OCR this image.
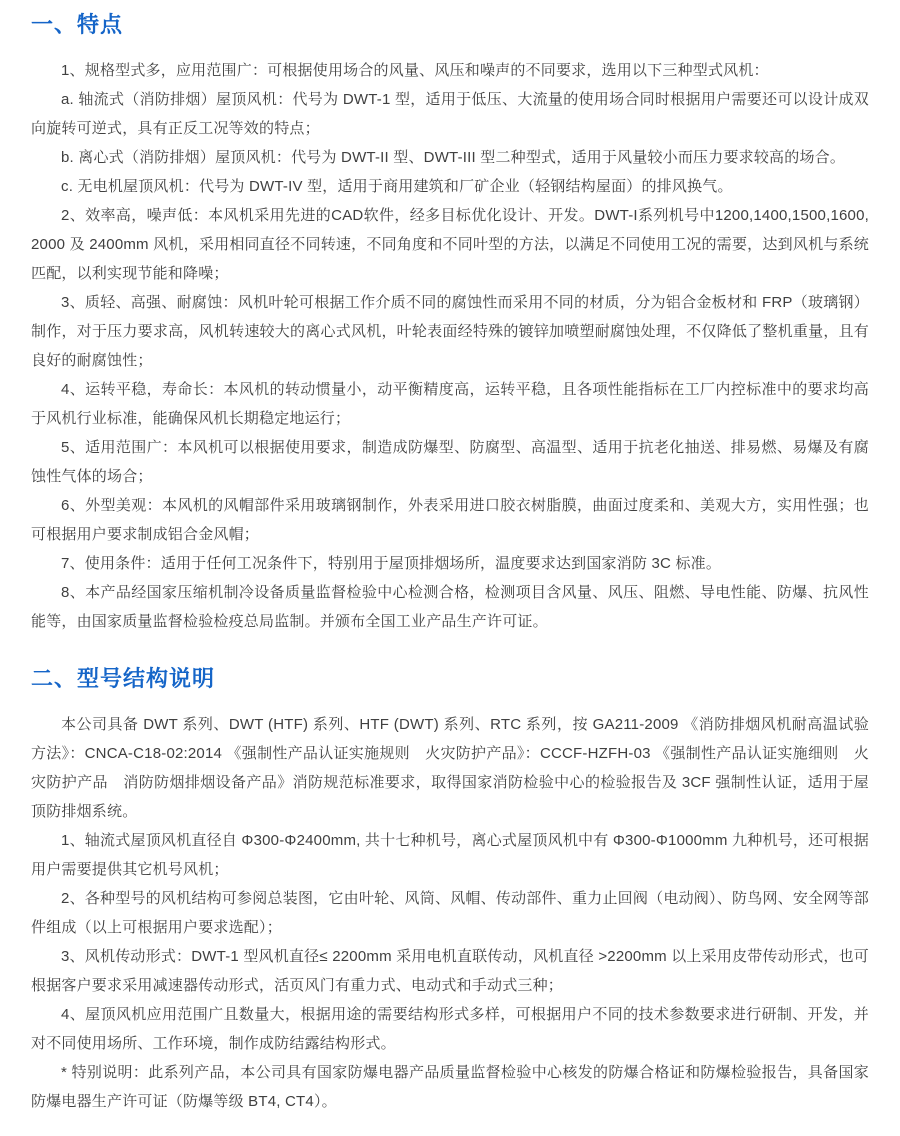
一、特点

1、规格型式多，应用范围广：可根据使用场合的风量、风压和噪声的不同要求，选用以下三种型式风机：

a. 轴流式（消防排烟）屋顶风机：代号为 DWT-1 型，适用于低压、大流量的使用场合同时根据用户需要还可以设计成双向旋转可逆式，具有正反工况等效的特点；

b. 离心式（消防排烟）屋顶风机：代号为 DWT-II 型、DWT-III 型二种型式，适用于风量较小而压力要求较高的场合。

c. 无电机屋顶风机：代号为 DWT-IV 型，适用于商用建筑和厂矿企业（轻钢结构屋面）的排风换气。

2、效率高，噪声低：本风机采用先进的CAD软件，经多目标优化设计、开发。DWT-I系列机号中1200,1400,1500,1600,2000 及 2400mm 风机，采用相同直径不同转速，不同角度和不同叶型的方法，以满足不同使用工况的需要，达到风机与系统匹配，以利实现节能和降噪；

3、质轻、高强、耐腐蚀：风机叶轮可根据工作介质不同的腐蚀性而采用不同的材质，分为铝合金板材和 FRP（玻璃钢）制作，对于压力要求高，风机转速较大的离心式风机，叶轮表面经特殊的镀锌加喷塑耐腐蚀处理，不仅降低了整机重量，且有良好的耐腐蚀性；

4、运转平稳，寿命长：本风机的转动惯量小，动平衡精度高，运转平稳，且各项性能指标在工厂内控标准中的要求均高于风机行业标准，能确保风机长期稳定地运行；

5、适用范围广：本风机可以根据使用要求，制造成防爆型、防腐型、高温型、适用于抗老化抽送、排易燃、易爆及有腐蚀性气体的场合；

6、外型美观：本风机的风帽部件采用玻璃钢制作，外表采用进口胶衣树脂膜，曲面过度柔和、美观大方，实用性强；也可根据用户要求制成铝合金风帽；

7、使用条件：适用于任何工况条件下，特别用于屋顶排烟场所，温度要求达到国家消防 3C 标准。

8、本产品经国家压缩机制冷设备质量监督检验中心检测合格，检测项目含风量、风压、阻燃、导电性能、防爆、抗风性能等，由国家质量监督检验检疫总局监制。并颁布全国工业产品生产许可证。

二、型号结构说明

本公司具备 DWT 系列、DWT (HTF) 系列、HTF (DWT) 系列、RTC 系列，按 GA211-2009 《消防排烟风机耐高温试验方法》：CNCA-C18-02:2014 《强制性产品认证实施规则　火灾防护产品》：CCCF-HZFH-03 《强制性产品认证实施细则　火灾防护产品　消防防烟排烟设备产品》消防规范标准要求，取得国家消防检验中心的检验报告及 3CF 强制性认证，适用于屋顶防排烟系统。

1、轴流式屋顶风机直径自 Φ300-Φ2400mm, 共十七种机号，离心式屋顶风机中有 Φ300-Φ1000mm 九种机号，还可根据用户需要提供其它机号风机；

2、各种型号的风机结构可参阅总装图，它由叶轮、风筒、风帽、传动部件、重力止回阀（电动阀）、防鸟网、安全网等部件组成（以上可根据用户要求选配）；

3、风机传动形式：DWT-1 型风机直径≤ 2200mm 采用电机直联传动，风机直径 >2200mm 以上采用皮带传动形式，也可根据客户要求采用减速器传动形式，活页风门有重力式、电动式和手动式三种；

4、屋顶风机应用范围广且数量大，根据用途的需要结构形式多样，可根据用户不同的技术参数要求进行研制、开发，并对不同使用场所、工作环境，制作成防结露结构形式。

* 特别说明：此系列产品，本公司具有国家防爆电器产品质量监督检验中心核发的防爆合格证和防爆检验报告，具备国家防爆电器生产许可证（防爆等级 BT4, CT4）。
